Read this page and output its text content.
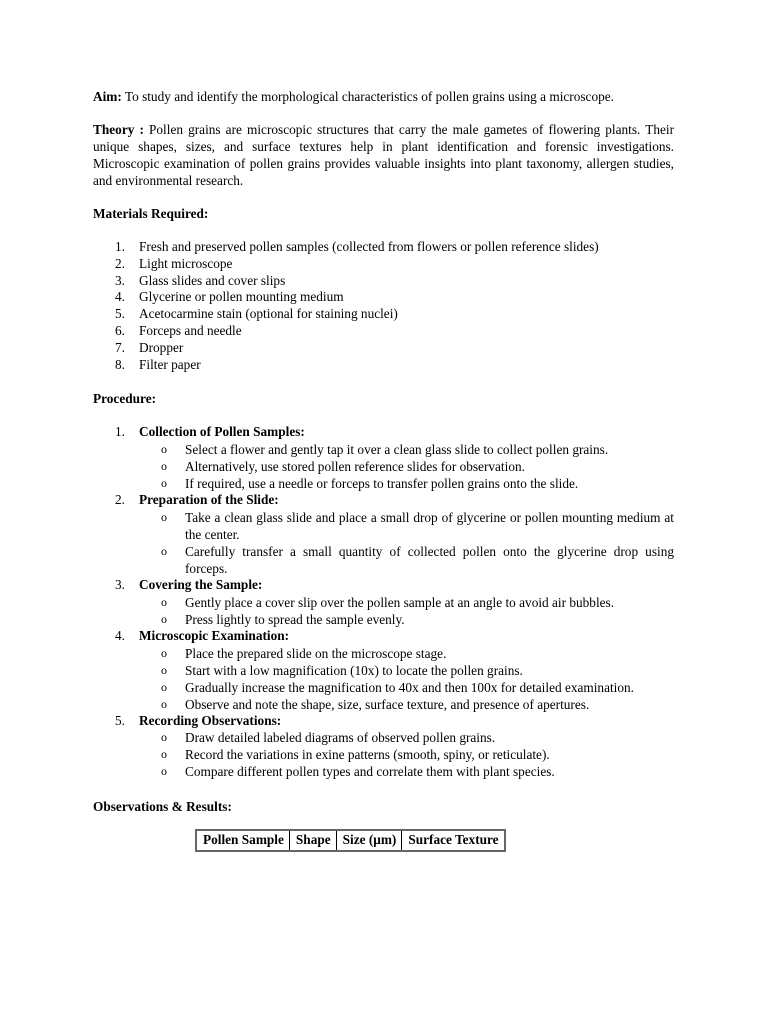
Aim: To study and identify the morphological characteristics of pollen grains using a microscope.

Theory : Pollen grains are microscopic structures that carry the male gametes of flowering plants. Their unique shapes, sizes, and surface textures help in plant identification and forensic investigations. Microscopic examination of pollen grains provides valuable insights into plant taxonomy, allergen studies, and environmental research.

Materials Required:
1.	Fresh and preserved pollen samples (collected from flowers or pollen reference slides)
2.	Light microscope
3.	Glass slides and cover slips
4.	Glycerine or pollen mounting medium
5.	Acetocarmine stain (optional for staining nuclei)
6.	Forceps and needle
7.	Dropper
8.	Filter paper
Procedure:
1.	Collection of Pollen Samples:
o Select a flower and gently tap it over a clean glass slide to collect pollen grains.
o Alternatively, use stored pollen reference slides for observation.
o If required, use a needle or forceps to transfer pollen grains onto the slide.
2.	Preparation of the Slide:
o Take a clean glass slide and place a small drop of glycerine or pollen mounting medium at the center.
o Carefully transfer a small quantity of collected pollen onto the glycerine drop using forceps.
3.	Covering the Sample:
o Gently place a cover slip over the pollen sample at an angle to avoid air bubbles.
o Press lightly to spread the sample evenly.
4.	Microscopic Examination:
o Place the prepared slide on the microscope stage.
o Start with a low magnification (10x) to locate the pollen grains.
o Gradually increase the magnification to 40x and then 100x for detailed examination.
o Observe and note the shape, size, surface texture, and presence of apertures.
5.	Recording Observations:
o Draw detailed labeled diagrams of observed pollen grains.
o Record the variations in exine patterns (smooth, spiny, or reticulate).
o Compare different pollen types and correlate them with plant species.
Observations & Results:
Pollen Sample	Shape	Size (μm)	Surface Texture
